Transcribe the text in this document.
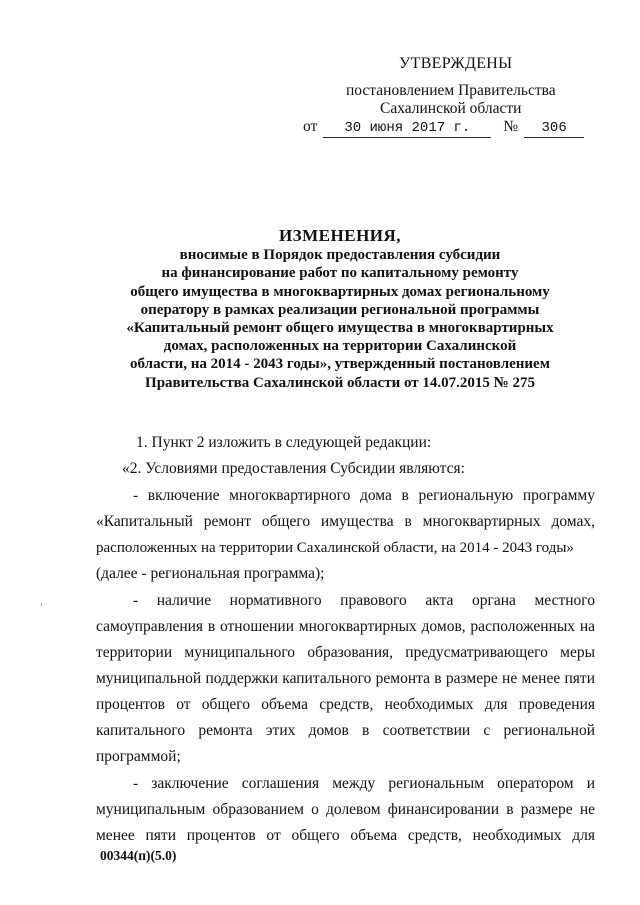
УТВЕРЖДЕНЫ
постановлением Правительства
Сахалинской области
от 30 июня 2017 г. № 306
ИЗМЕНЕНИЯ,
вносимые в Порядок предоставления субсидии
на финансирование работ по капитальному ремонту
общего имущества в многоквартирных домах региональному
оператору в рамках реализации региональной программы
«Капитальный ремонт общего имущества в многоквартирных
домах, расположенных на территории Сахалинской
области, на 2014 - 2043 годы», утвержденный постановлением
Правительства Сахалинской области от 14.07.2015 № 275
1. Пункт 2 изложить в следующей редакции:
«2. Условиями предоставления Субсидии являются:
- включение многоквартирного дома в региональную программу
«Капитальный ремонт общего имущества в многоквартирных домах,
расположенных на территории Сахалинской области, на 2014 - 2043 годы»
(далее - региональная программа);
- наличие нормативного правового акта органа местного
самоуправления в отношении многоквартирных домов, расположенных на
территории муниципального образования, предусматривающего меры
муниципальной поддержки капитального ремонта в размере не менее пяти
процентов от общего объема средств, необходимых для проведения
капитального ремонта этих домов в соответствии с региональной
программой;
- заключение соглашения между региональным оператором и
муниципальным образованием о долевом финансировании в размере не
менее пяти процентов от общего объема средств, необходимых для
00344(п)(5.0)
